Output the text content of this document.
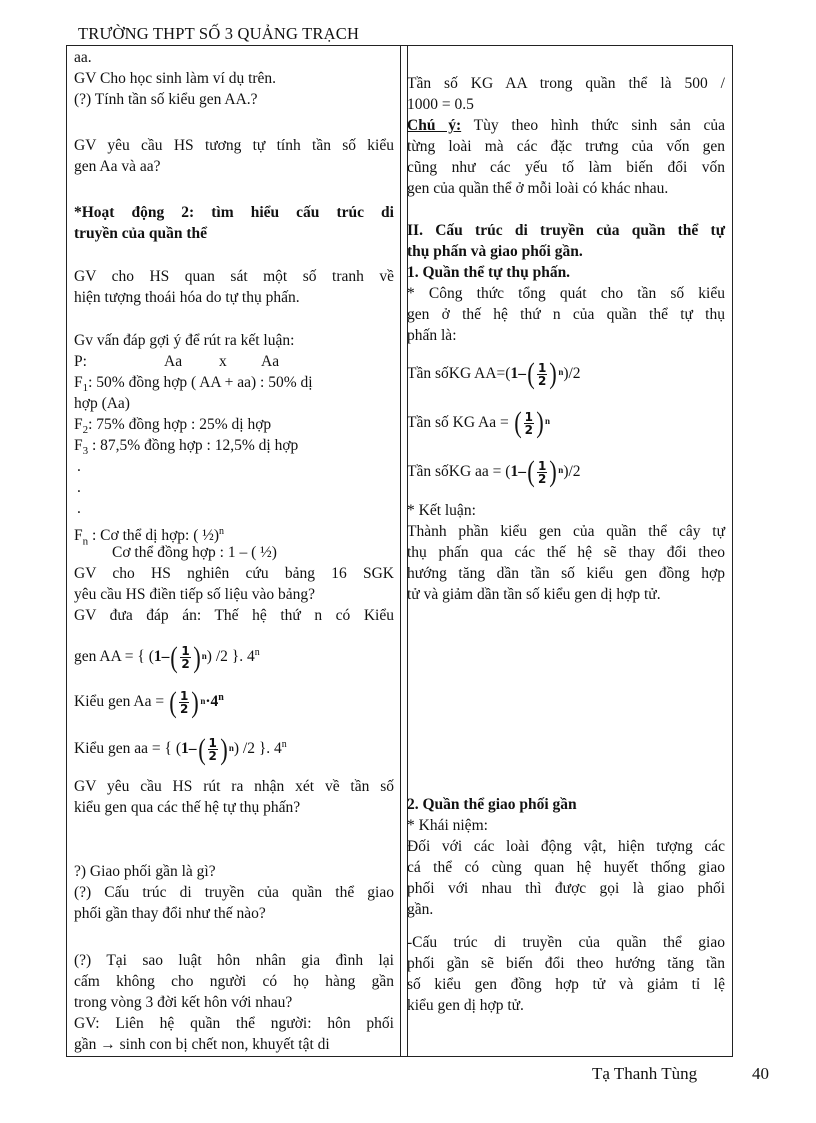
TRƯỜNG THPT SỐ 3 QUẢNG TRẠCH
aa.
GV Cho học sinh làm ví dụ trên.
(?) Tính tần số kiểu gen AA.?
GV yêu cầu HS tương tự tính tần số kiểu
gen Aa và aa?
*Hoạt động 2: tìm hiểu cấu trúc di
truyền của quần thể
GV cho HS quan sát một số tranh về
hiện tượng thoái hóa do tự thụ phấn.
Gv vấn đáp gợi ý để rút ra kết luận:
P:	Aa x Aa
$F_1$: 50% đồng hợp ( AA + aa) : 50% dị
hợp (Aa)
$F_2$: 75% đồng hợp : 25% dị hợp
$F_3$ : 87,5% đồng hợp : 12,5% dị hợp
.
.
.
$F_n$ : Cơ thể dị hợp: ( ½)$^n$
Cơ thể đồng hợp : 1 – ( ½)
GV cho HS nghiên cứu bảng 16 SGK
yêu cầu HS điền tiếp số liệu vào bảng?
GV đưa đáp án: Thế hệ thứ n có Kiểu
gen AA = { (1– ( $\frac{1}{2}$ ) n ) /2 }. 4$^n$
Kiểu gen Aa = ( $\frac{1}{2}$ ) $n \cdot 4^n$
Kiểu gen aa = { (1– ( $\frac{1}{2}$ ) n ) /2 }. 4$^n$
GV yêu cầu HS rút ra nhận xét về tần số
kiểu gen qua các thế hệ tự thụ phấn?
?) Giao phối gần là gì?
(?) Cấu trúc di truyền của quần thể giao
phối gần thay đổi như thế nào?
(?) Tại sao luật hôn nhân gia đình lại
cấm không cho người có họ hàng gần
trong vòng 3 đời kết hôn với nhau?
GV: Liên hệ quần thể người: hôn phối
gần → sinh con bị chết non, khuyết tật di
Tần số KG AA trong quần thể là 500 /
1000 = 0.5
Chú ý: Tùy theo hình thức sinh sản của
từng loài mà các đặc trưng của vốn gen
cũng như các yếu tố làm biến đổi vốn
gen của quần thể ở mỗi loài có khác nhau.
II. Cấu trúc di truyền của quần thể tự
thụ phấn và giao phối gần.
1. Quần thể tự thụ phấn.
* Công thức tổng quát cho tần số kiểu
gen ở thế hệ thứ n của quần thể tự thụ
phấn là:
Tần sốKG AA=(1– ( $\frac{1}{2}$ ) n )/2
Tần số KG Aa = ( $\frac{1}{2}$ ) n
Tần sốKG aa = (1– ( $\frac{1}{2}$ ) n )/2
* Kết luận:
Thành phần kiểu gen của quần thể cây tự
thụ phấn qua các thế hệ sẽ thay đổi theo
hướng tăng dần tần số kiểu gen đồng hợp
tử và giảm dần tần số kiểu gen dị hợp tử.
2. Quần thể giao phối gần
* Khái niệm:
Đối với các loài động vật, hiện tượng các
cá thể có cùng quan hệ huyết thống giao
phối với nhau thì được gọi là giao phối
gần.
-Cấu trúc di truyền của quần thể giao
phối gần sẽ biến đổi theo hướng tăng tần
số kiểu gen đồng hợp tử và giảm tỉ lệ
kiểu gen dị hợp tử.
Tạ Thanh Tùng	40
